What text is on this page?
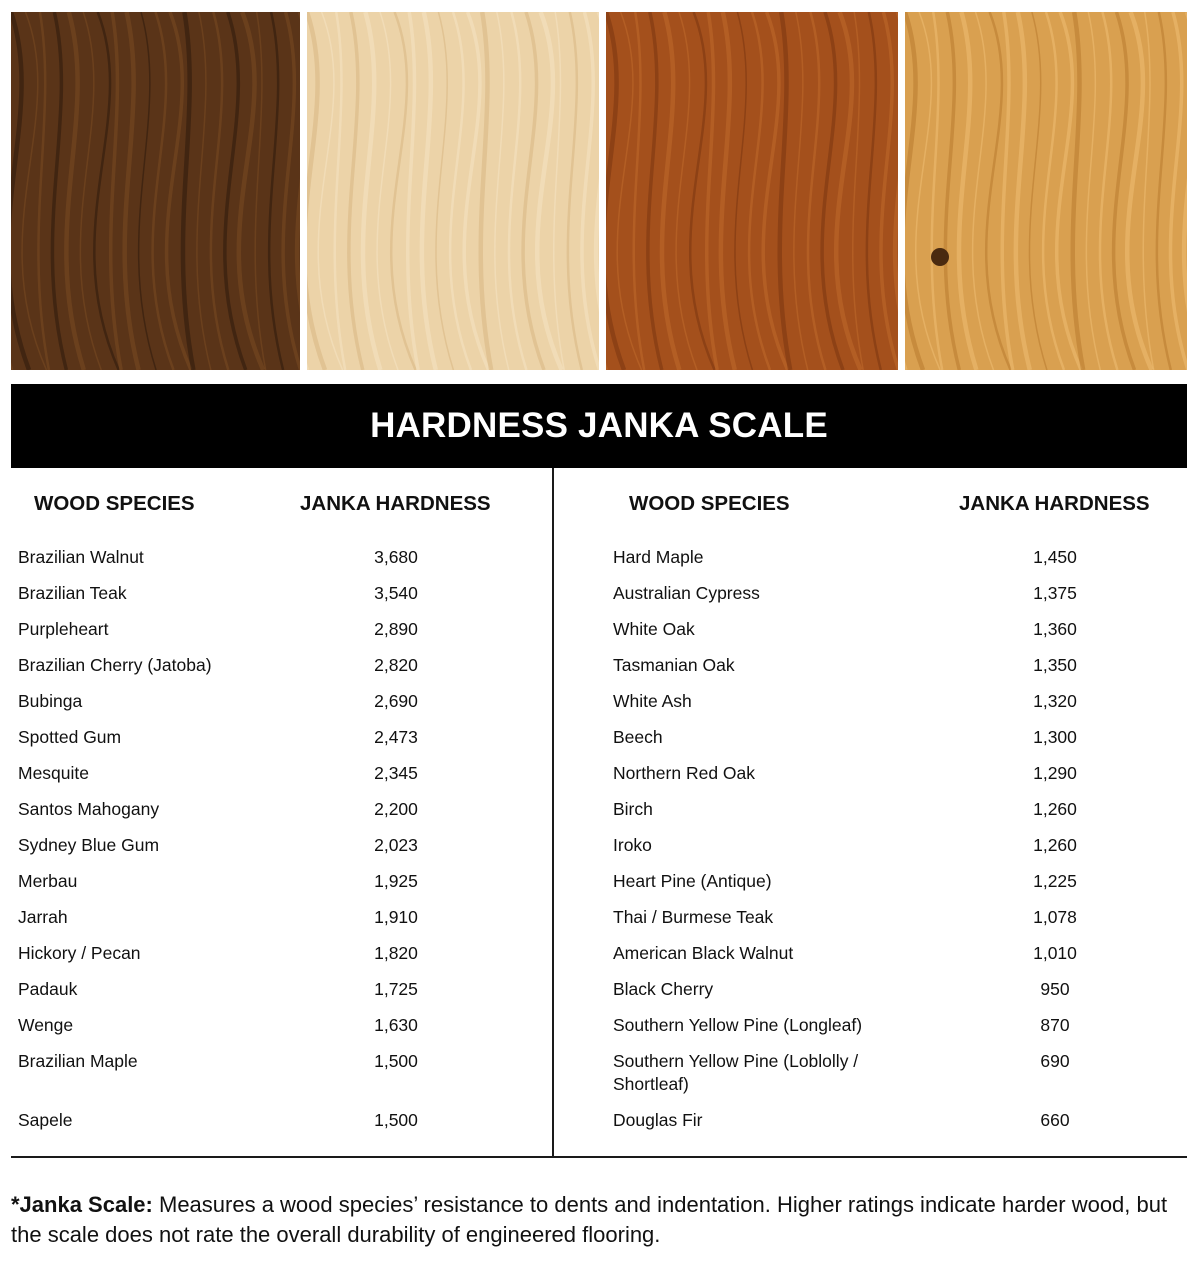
HARDNESS JANKA SCALE
WOOD SPECIES	JANKA HARDNESS
Brazilian Walnut	3,680
Brazilian Teak	3,540
Purpleheart	2,890
Brazilian Cherry (Jatoba)	2,820
Bubinga	2,690
Spotted Gum	2,473
Mesquite	2,345
Santos Mahogany	2,200
Sydney Blue Gum	2,023
Merbau	1,925
Jarrah	1,910
Hickory / Pecan	1,820
Padauk	1,725
Wenge	1,630
Brazilian Maple	1,500
Sapele	1,500
WOOD SPECIES	JANKA HARDNESS
Hard Maple	1,450
Australian Cypress	1,375
White Oak	1,360
Tasmanian Oak	1,350
White Ash	1,320
Beech	1,300
Northern Red Oak	1,290
Birch	1,260
Iroko	1,260
Heart Pine (Antique)	1,225
Thai / Burmese Teak	1,078
American Black Walnut	1,010
Black Cherry	950
Southern Yellow Pine (Longleaf)	870
Southern Yellow Pine (Loblolly / Shortleaf)
690
Douglas Fir	660
*Janka Scale: Measures a wood species’ resistance to dents and indentation. Higher ratings indicate harder wood, but the scale does not rate the overall durability of engineered flooring.
